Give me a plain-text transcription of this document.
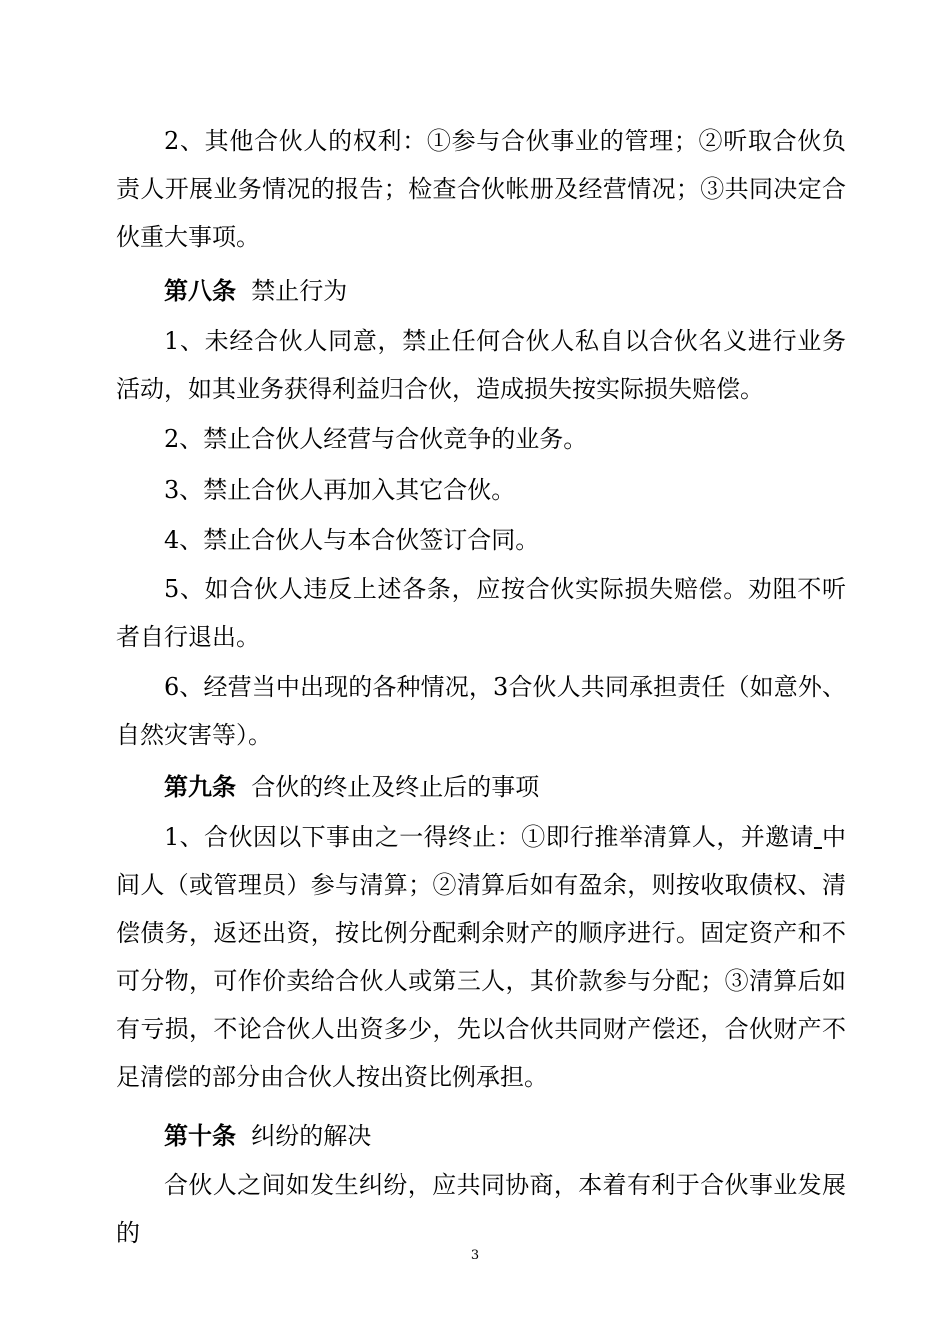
2、其他合伙人的权利：①参与合伙事业的管理；②听取合伙负责人开展业务情况的报告；检查合伙帐册及经营情况；③共同决定合伙重大事项。

第八条 禁止行为

1、未经合伙人同意，禁止任何合伙人私自以合伙名义进行业务活动，如其业务获得利益归合伙，造成损失按实际损失赔偿。

2、禁止合伙人经营与合伙竞争的业务。

3、禁止合伙人再加入其它合伙。

4、禁止合伙人与本合伙签订合同。

5、如合伙人违反上述各条，应按合伙实际损失赔偿。劝阻不听者自行退出。

6、经营当中出现的各种情况，3合伙人共同承担责任（如意外、自然灾害等）。

第九条 合伙的终止及终止后的事项

1、合伙因以下事由之一得终止：①即行推举清算人，并邀请 中间人（或管理员）参与清算；②清算后如有盈余，则按收取债权、清偿债务，返还出资，按比例分配剩余财产的顺序进行。固定资产和不可分物，可作价卖给合伙人或第三人，其价款参与分配；③清算后如有亏损，不论合伙人出资多少，先以合伙共同财产偿还，合伙财产不足清偿的部分由合伙人按出资比例承担。

第十条 纠纷的解决

合伙人之间如发生纠纷，应共同协商，本着有利于合伙事业发展的

3
